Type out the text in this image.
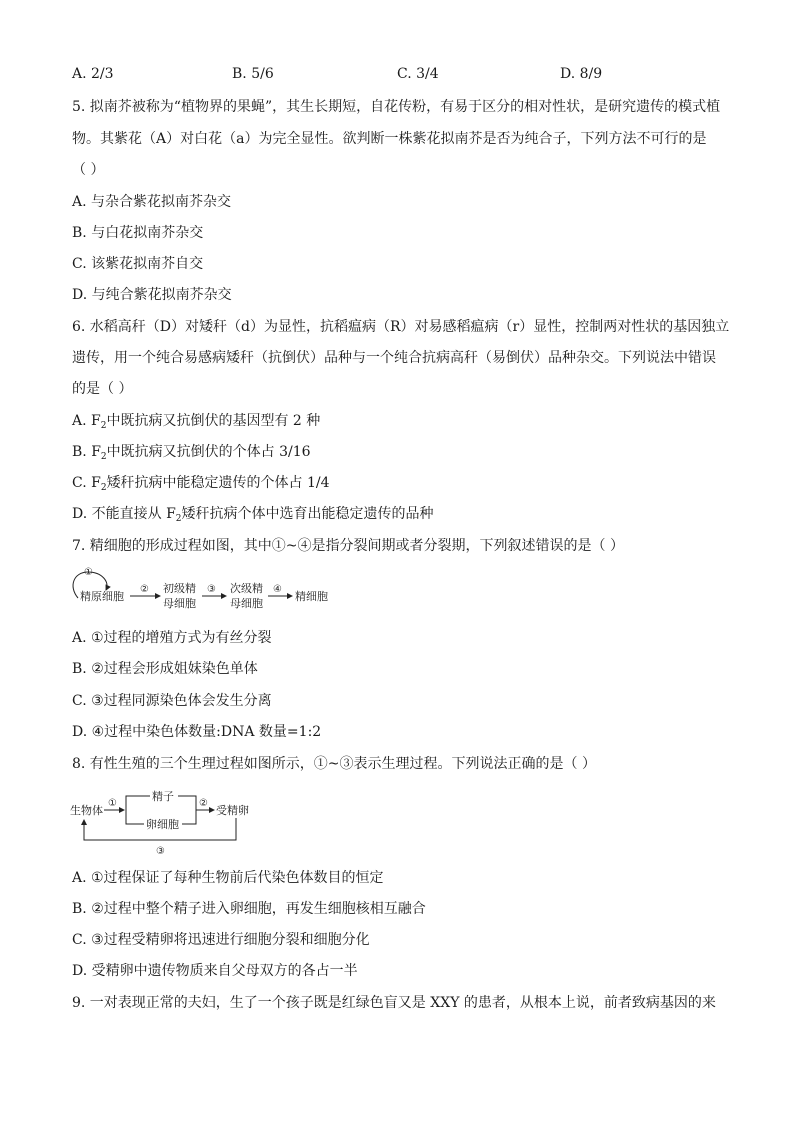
A. 2/3	B. 5/6	C. 3/4	D. 8/9
5. 拟南芥被称为“植物界的果蝇”，其生长期短，自花传粉，有易于区分的相对性状，是研究遗传的模式植
物。其紫花（A）对白花（a）为完全显性。欲判断一株紫花拟南芥是否为纯合子，下列方法不可行的是
（ ）
A. 与杂合紫花拟南芥杂交
B. 与白花拟南芥杂交
C. 该紫花拟南芥自交
D. 与纯合紫花拟南芥杂交
6. 水稻高秆（D）对矮秆（d）为显性，抗稻瘟病（R）对易感稻瘟病（r）显性，控制两对性状的基因独立
遗传，用一个纯合易感病矮秆（抗倒伏）品种与一个纯合抗病高秆（易倒伏）品种杂交。下列说法中错误
的是（ ）
A. $F_2$中既抗病又抗倒伏的基因型有 2 种
B. $F_2$中既抗病又抗倒伏的个体占 3/16
C. $F_2$矮秆抗病中能稳定遗传的个体占 1/4
D. 不能直接从 $F_2$矮秆抗病个体中选育出能稳定遗传的品种
7. 精细胞的形成过程如图，其中①~④是指分裂间期或者分裂期，下列叙述错误的是（ ）
①
精原细胞
② 初级精
母细胞
③ 次级精
母细胞
④
精细胞
A. ①过程的增殖方式为有丝分裂
B. ②过程会形成姐妹染色单体
C. ③过程同源染色体会发生分离
D. ④过程中染色体数量:DNA 数量=1:2
8. 有性生殖的三个生理过程如图所示，①~③表示生理过程。下列说法正确的是（ ）
生物体
①
精子
卵细胞
②
受精卵
③
A. ①过程保证了每种生物前后代染色体数目的恒定
B. ②过程中整个精子进入卵细胞，再发生细胞核相互融合
C. ③过程受精卵将迅速进行细胞分裂和细胞分化
D. 受精卵中遗传物质来自父母双方的各占一半
9. 一对表现正常的夫妇，生了一个孩子既是红绿色盲又是 XXY 的患者，从根本上说，前者致病基因的来
